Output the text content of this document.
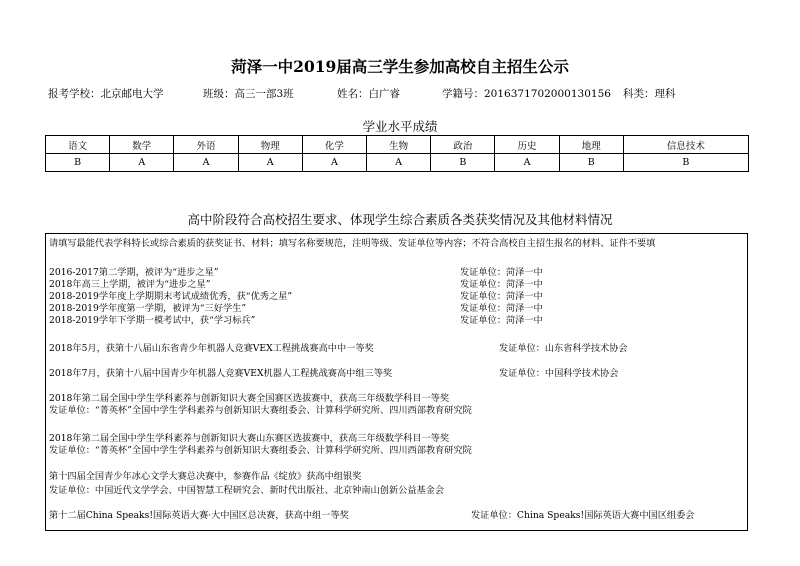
菏泽一中2019届高三学生参加高校自主招生公示
报考学校：北京邮电大学	班级：高三一部3班	姓名：白广睿	学籍号：2016371702000130156 科类：理科
学业水平成绩
语文	数学	外语	物理	化学	生物	政治	历史	地理	信息技术
B	A	A	A	A	A	B	A	B	B
高中阶段符合高校招生要求、体现学生综合素质各类获奖情况及其他材料情况
请填写最能代表学科特长或综合素质的获奖证书、材料；填写名称要规范，注明等级、发证单位等内容；不符合高校自主招生报名的材料、证件不要填
2016-2017第二学期，被评为“进步之星”	发证单位：菏泽一中
2018年高三上学期，被评为“进步之星”	发证单位：菏泽一中
2018-2019学年度上学期期末考试成绩优秀，获“优秀之星”	发证单位：菏泽一中
2018-2019学年度第一学期，被评为“三好学生”	发证单位：菏泽一中
2018-2019学年下学期一模考试中，获“学习标兵”	发证单位：菏泽一中
2018年5月，获第十八届山东省青少年机器人竞赛VEX工程挑战赛高中中一等奖	发证单位：山东省科学技术协会
2018年7月，获第十八届中国青少年机器人竞赛VEX机器人工程挑战赛高中组三等奖	发证单位：中国科学技术协会
2018年第二届全国中学生学科素养与创新知识大赛全国赛区选拔赛中，获高三年级数学科目一等奖
发证单位：“菁英杯”全国中学生学科素养与创新知识大赛组委会、计算科学研究所、四川西部教育研究院
2018年第二届全国中学生学科素养与创新知识大赛山东赛区选拔赛中，获高三年级数学科目一等奖
发证单位：“菁英杯”全国中学生学科素养与创新知识大赛组委会、计算科学研究所、四川西部教育研究院
第十四届全国青少年冰心文学大赛总决赛中，参赛作品《绽放》获高中组银奖
发证单位：中国近代文学学会、中国智慧工程研究会、新时代出版社、北京钟南山创新公益基金会
第十二届China Speaks!国际英语大赛·大中国区总决赛，获高中组一等奖	发证单位：China Speaks!国际英语大赛中国区组委会
